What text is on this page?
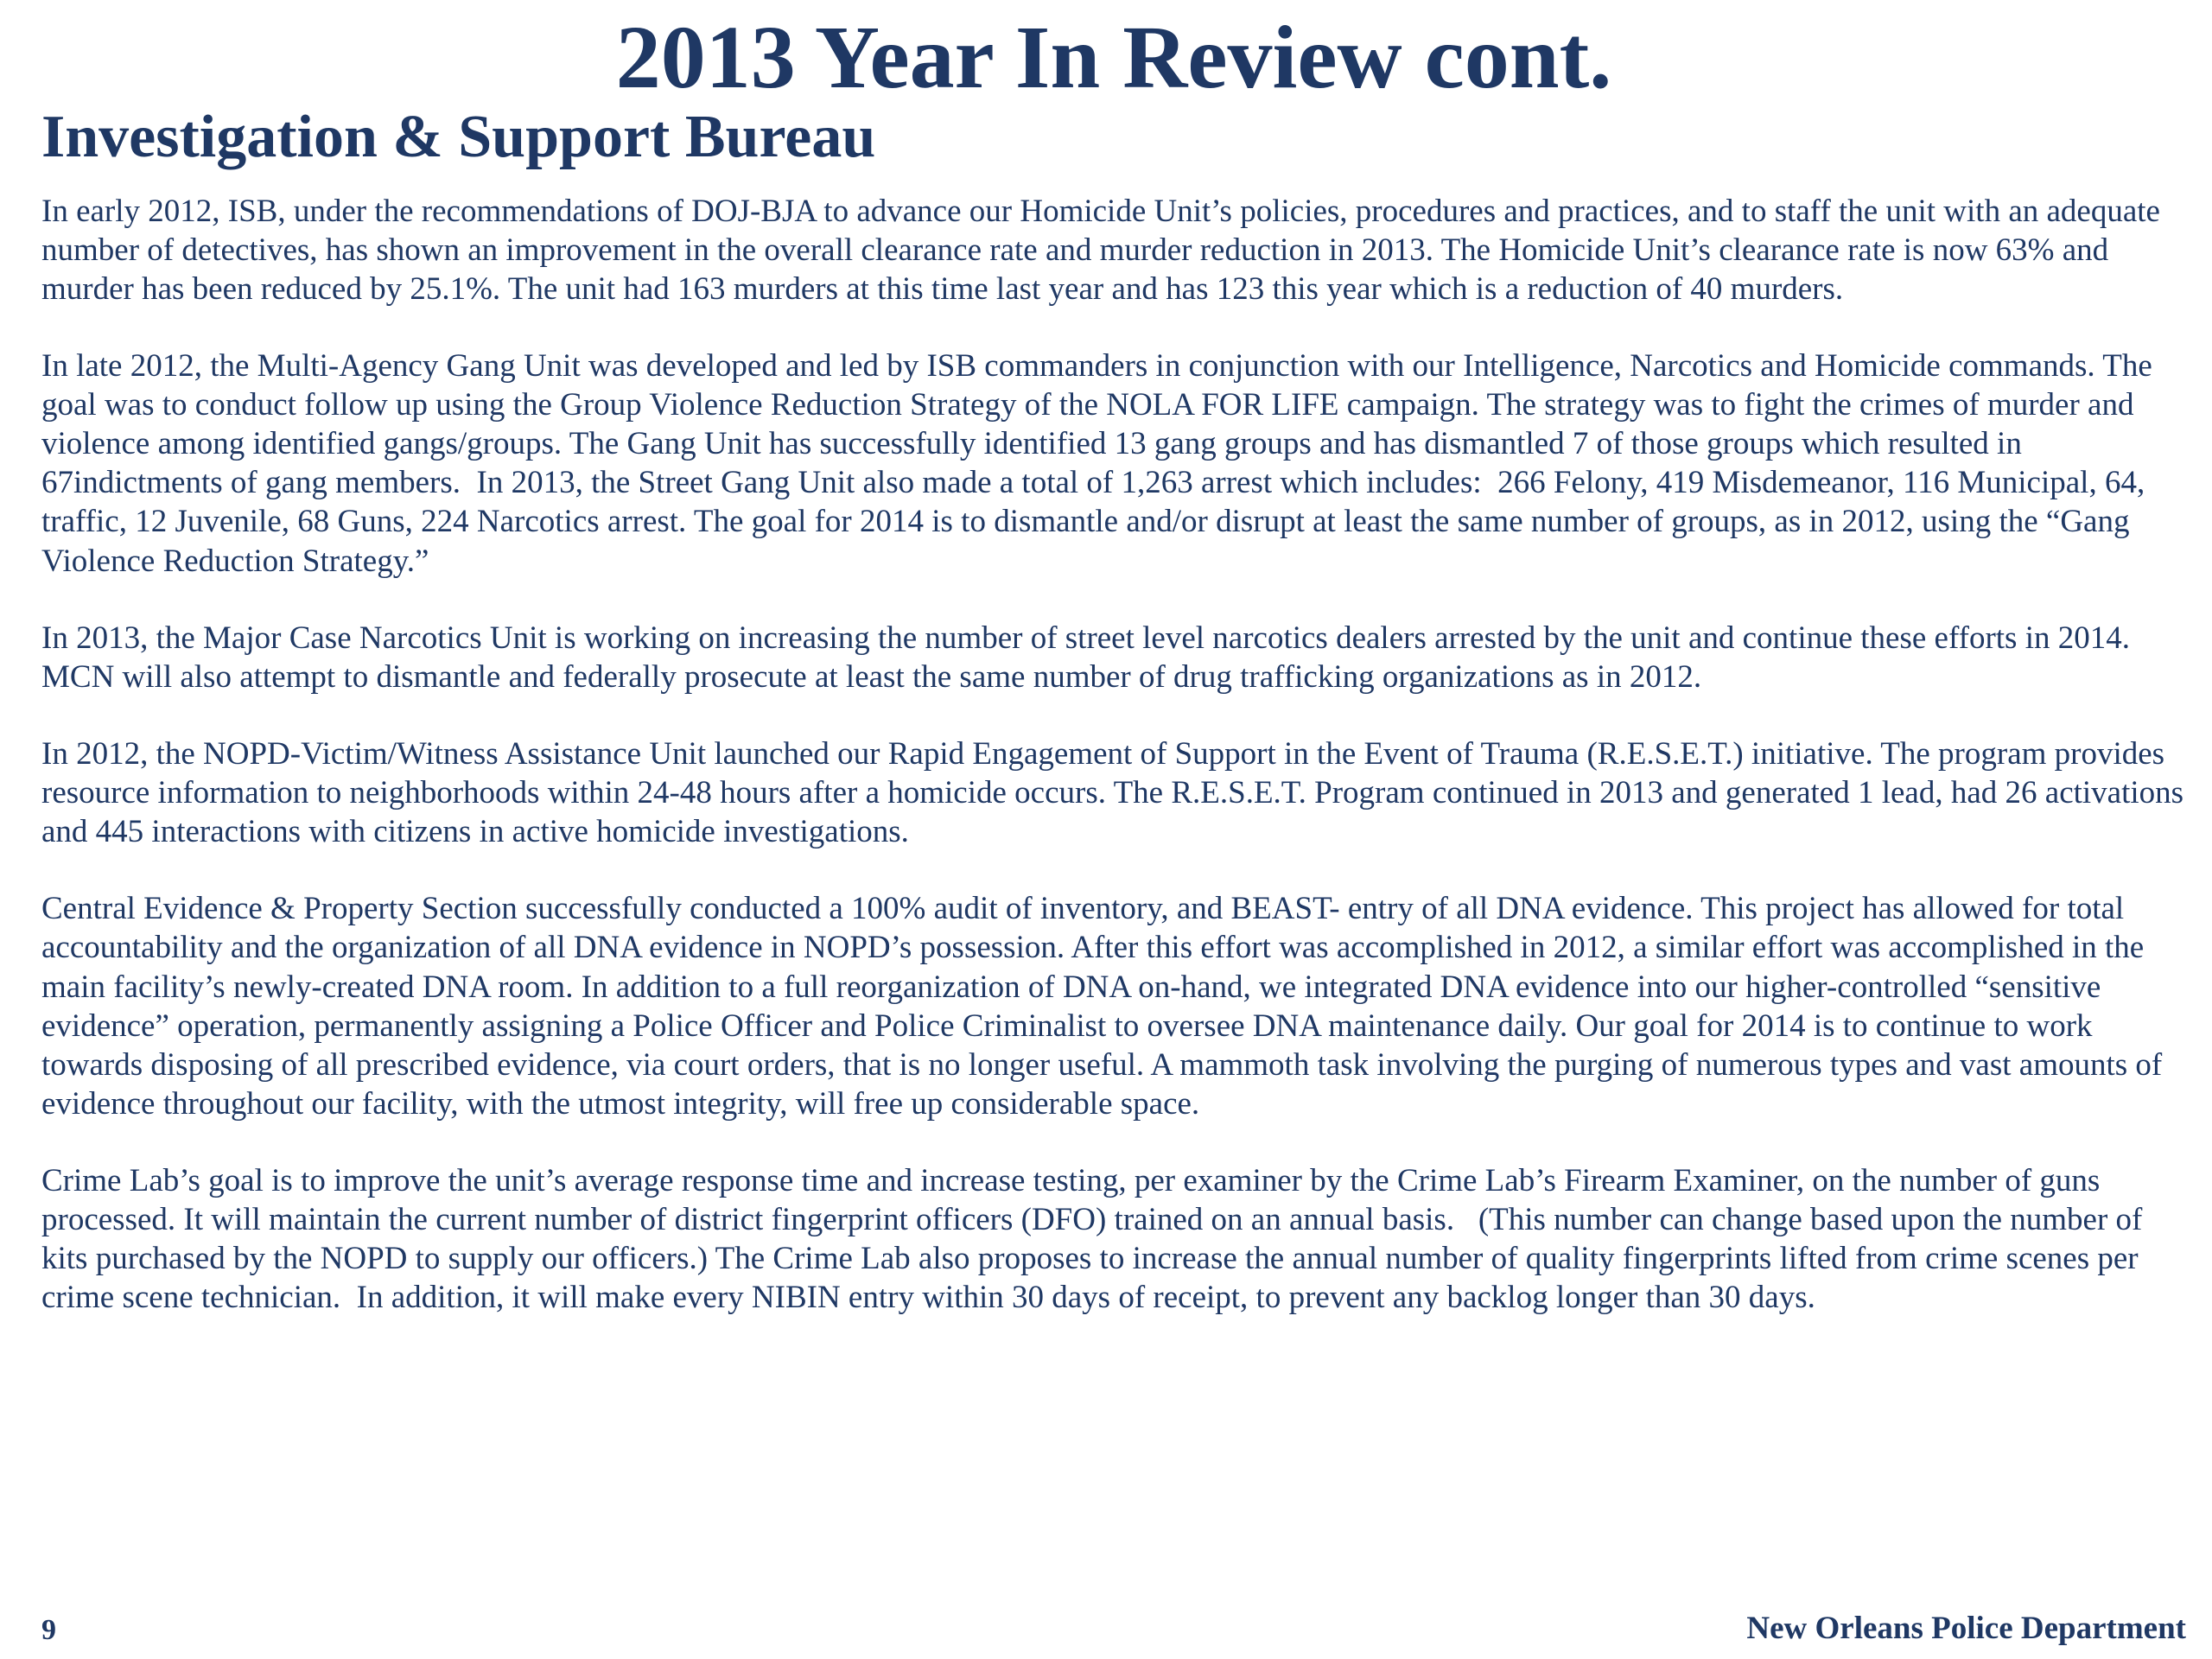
2013 Year In Review cont.
Investigation & Support Bureau

In early 2012, ISB, under the recommendations of DOJ-BJA to advance our Homicide Unit’s policies, procedures and practices, and to staff the unit with an adequate number of detectives, has shown an improvement in the overall clearance rate and murder reduction in 2013. The Homicide Unit’s clearance rate is now 63% and murder has been reduced by 25.1%. The unit had 163 murders at this time last year and has 123 this year which is a reduction of 40 murders.

In late 2012, the Multi-Agency Gang Unit was developed and led by ISB commanders in conjunction with our Intelligence, Narcotics and Homicide commands. The goal was to conduct follow up using the Group Violence Reduction Strategy of the NOLA FOR LIFE campaign. The strategy was to fight the crimes of murder and violence among identified gangs/groups. The Gang Unit has successfully identified 13 gang groups and has dismantled 7 of those groups which resulted in 67indictments of gang members.  In 2013, the Street Gang Unit also made a total of 1,263 arrest which includes:  266 Felony, 419 Misdemeanor, 116 Municipal, 64, traffic, 12 Juvenile, 68 Guns, 224 Narcotics arrest. The goal for 2014 is to dismantle and/or disrupt at least the same number of groups, as in 2012, using the “Gang Violence Reduction Strategy.”

In 2013, the Major Case Narcotics Unit is working on increasing the number of street level narcotics dealers arrested by the unit and continue these efforts in 2014. MCN will also attempt to dismantle and federally prosecute at least the same number of drug trafficking organizations as in 2012.

In 2012, the NOPD-Victim/Witness Assistance Unit launched our Rapid Engagement of Support in the Event of Trauma (R.E.S.E.T.) initiative. The program provides resource information to neighborhoods within 24-48 hours after a homicide occurs. The R.E.S.E.T. Program continued in 2013 and generated 1 lead, had 26 activations and 445 interactions with citizens in active homicide investigations.

Central Evidence & Property Section successfully conducted a 100% audit of inventory, and BEAST- entry of all DNA evidence. This project has allowed for total accountability and the organization of all DNA evidence in NOPD’s possession. After this effort was accomplished in 2012, a similar effort was accomplished in the main facility’s newly-created DNA room. In addition to a full reorganization of DNA on-hand, we integrated DNA evidence into our higher-controlled “sensitive evidence” operation, permanently assigning a Police Officer and Police Criminalist to oversee DNA maintenance daily. Our goal for 2014 is to continue to work towards disposing of all prescribed evidence, via court orders, that is no longer useful. A mammoth task involving the purging of numerous types and vast amounts of evidence throughout our facility, with the utmost integrity, will free up considerable space.

Crime Lab’s goal is to improve the unit’s average response time and increase testing, per examiner by the Crime Lab’s Firearm Examiner, on the number of guns processed. It will maintain the current number of district fingerprint officers (DFO) trained on an annual basis.   (This number can change based upon the number of kits purchased by the NOPD to supply our officers.) The Crime Lab also proposes to increase the annual number of quality fingerprints lifted from crime scenes per crime scene technician.  In addition, it will make every NIBIN entry within 30 days of receipt, to prevent any backlog longer than 30 days.

9	New Orleans Police Department
